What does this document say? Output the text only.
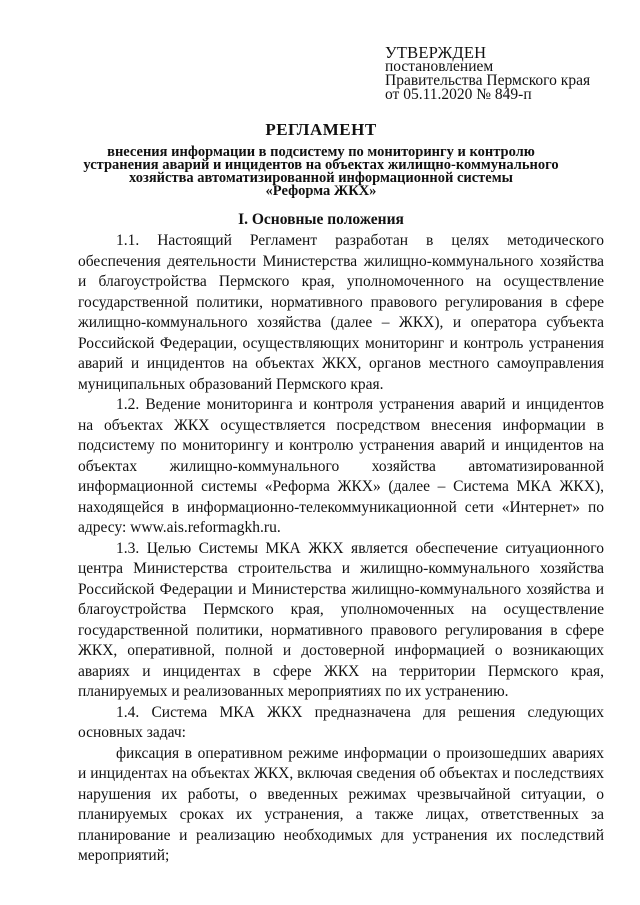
УТВЕРЖДЕН
постановлением
Правительства Пермского края
от 05.11.2020 № 849-п
РЕГЛАМЕНТ
внесения информации в подсистему по мониторингу и контролю
устранения аварий и инцидентов на объектах жилищно-коммунального
хозяйства автоматизированной информационной системы
«Реформа ЖКХ»
I. Основные положения

1.1. Настоящий Регламент разработан в целях методического обеспечения деятельности Министерства жилищно-коммунального хозяйства и благоустройства Пермского края, уполномоченного на осуществление государственной политики, нормативного правового регулирования в сфере жилищно-коммунального хозяйства (далее – ЖКХ), и оператора субъекта Российской Федерации, осуществляющих мониторинг и контроль устранения аварий и инцидентов на объектах ЖКХ, органов местного самоуправления муниципальных образований Пермского края.

1.2. Ведение мониторинга и контроля устранения аварий и инцидентов на объектах ЖКХ осуществляется посредством внесения информации в подсистему по мониторингу и контролю устранения аварий и инцидентов на объектах жилищно-коммунального хозяйства автоматизированной информационной системы «Реформа ЖКХ» (далее – Система МКА ЖКХ), находящейся в информационно-телекоммуникационной сети «Интернет» по адресу: www.ais.reformagkh.ru.

1.3. Целью Системы МКА ЖКХ является обеспечение ситуационного центра Министерства строительства и жилищно-коммунального хозяйства Российской Федерации и Министерства жилищно-коммунального хозяйства и благоустройства Пермского края, уполномоченных на осуществление государственной политики, нормативного правового регулирования в сфере ЖКХ, оперативной, полной и достоверной информацией о возникающих авариях и инцидентах в сфере ЖКХ на территории Пермского края, планируемых и реализованных мероприятиях по их устранению.

1.4. Система МКА ЖКХ предназначена для решения следующих основных задач:

фиксация в оперативном режиме информации о произошедших авариях и инцидентах на объектах ЖКХ, включая сведения об объектах и последствиях нарушения их работы, о введенных режимах чрезвычайной ситуации, о планируемых сроках их устранения, а также лицах, ответственных за планирование и реализацию необходимых для устранения их последствий мероприятий;
